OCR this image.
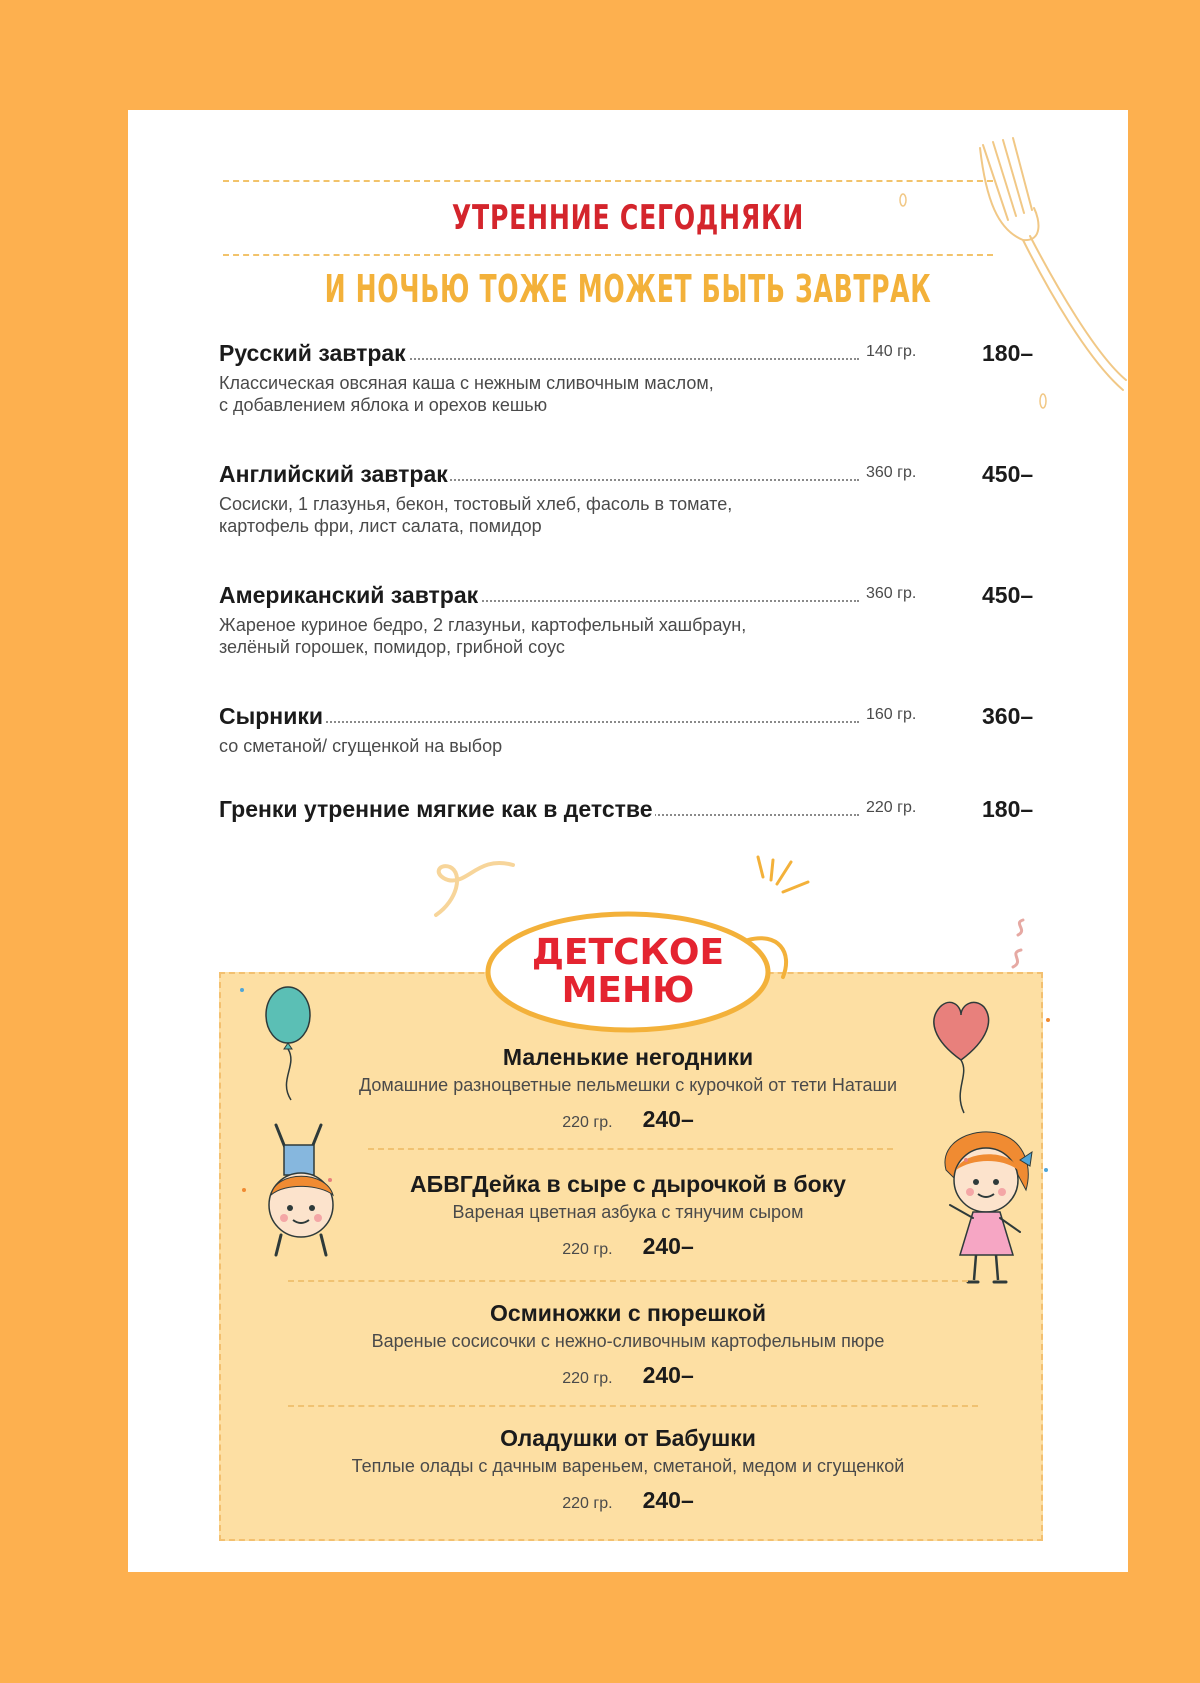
УТРЕННИЕ СЕГОДНЯКИ
И НОЧЬЮ ТОЖЕ МОЖЕТ БЫТЬ ЗАВТРАК
Русский завтрак	140 гр.	180–
Классическая овсяная каша с нежным сливочным маслом,
с добавлением яблока и орехов кешью
Английский завтрак	360 гр.	450–
Сосиски, 1 глазунья, бекон, тостовый хлеб, фасоль в томате,
картофель фри, лист салата, помидор
Американский завтрак	360 гр.	450–
Жареное куриное бедро, 2 глазуньи, картофельный хашбраун,
зелёный горошек, помидор, грибной соус
Сырники	160 гр.	360–
со сметаной/ сгущенкой на выбор
Гренки утренние мягкие как в детстве	220 гр.	180–
ДЕТСКОЕ
МЕНЮ
Маленькие негодники
Домашние разноцветные пельмешки с курочкой от тети Наташи
220 гр. 240–
АБВГДейка в сыре с дырочкой в боку
Вареная цветная азбука с тянучим сыром
220 гр. 240–
Осминожки с пюрешкой
Вареные сосисочки с нежно-сливочным картофельным пюре
220 гр. 240–
Оладушки от Бабушки
Теплые олады с дачным вареньем, сметаной, медом и сгущенкой
220 гр. 240–
